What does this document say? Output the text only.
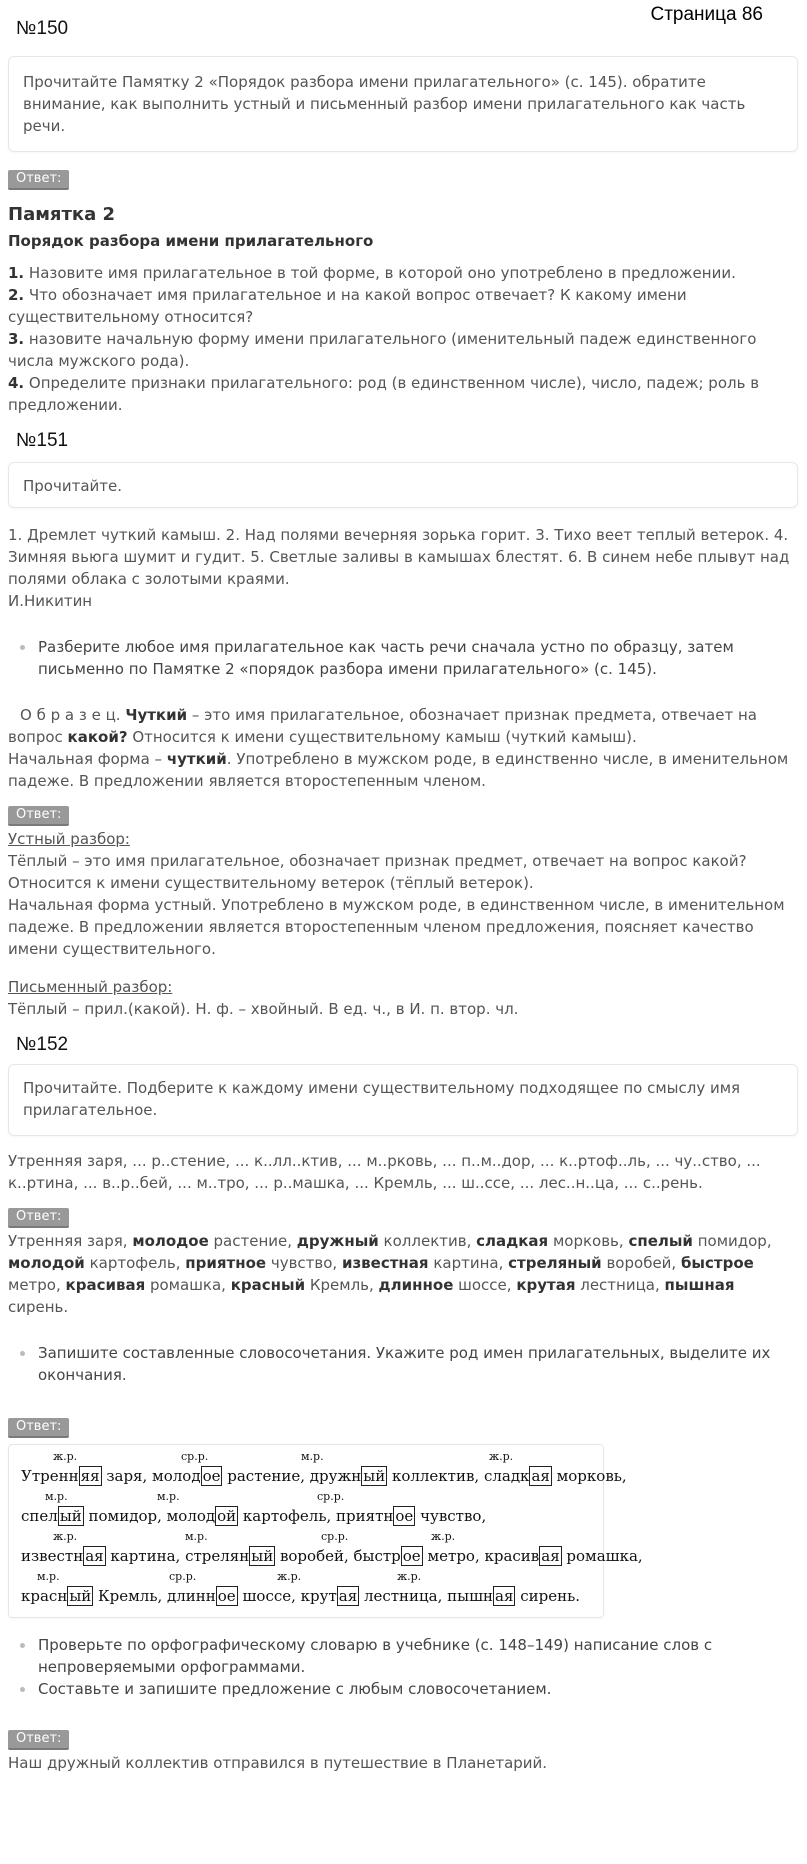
Страница 86
№150
Прочитайте Памятку 2 «Порядок разбора имени прилагательного» (с. 145). обратите внимание, как выполнить устный и письменный разбор имени прилагательного как часть речи.
Ответ:
Памятка 2
Порядок разбора имени прилагательного
1. Назовите имя прилагательное в той форме, в которой оно употреблено в предложении.
2. Что обозначает имя прилагательное и на какой вопрос отвечает? К какому имени существительному относится?
3. назовите начальную форму имени прилагательного (именительный падеж единственного числа мужского рода).
4. Определите признаки прилагательного: род (в единственном числе), число, падеж; роль в предложении.
№151
Прочитайте.
1. Дремлет чуткий камыш. 2. Над полями вечерняя зорька горит. 3. Тихо веет теплый ветерок. 4. Зимняя вьюга шумит и гудит. 5. Светлые заливы в камышах блестят. 6. В синем небе плывут над полями облака с золотыми краями.
И.Никитин
Разберите любое имя прилагательное как часть речи сначала устно по образцу, затем письменно по Памятке 2 «порядок разбора имени прилагательного» (с. 145).
О б р а з е ц. Чуткий – это имя прилагательное, обозначает признак предмета, отвечает на вопрос какой? Относится к имени существительному камыш (чуткий камыш).
Начальная форма – чуткий. Употреблено в мужском роде, в единственно числе, в именительном падеже. В предложении является второстепенным членом.
Ответ:
Устный разбор:
Тёплый – это имя прилагательное, обозначает признак предмет, отвечает на вопрос какой? Относится к имени существительному ветерок (тёплый ветерок).
Начальная форма устный. Употреблено в мужском роде, в единственном числе, в именительном падеже. В предложении является второстепенным членом предложения, поясняет качество имени существительного.
Письменный разбор:
Тёплый – прил.(какой). Н. ф. – хвойный. В ед. ч., в И. п. втор. чл.
№152
Прочитайте. Подберите к каждому имени существительному подходящее по смыслу имя прилагательное.
Утренняя заря, ... р..стение, ... к..лл..ктив, ... м..рковь, ... п..м..дор, ... к..ртоф..ль, ... чу..ство, ... к..ртина, ... в..р..бей, ... м..тро, ... р..машка, ... Кремль, ... ш..ссе, ... лес..н..ца, ... с..рень.
Ответ:
Утренняя заря, молодое растение, дружный коллектив, сладкая морковь, спелый помидор, молодой картофель, приятное чувство, известная картина, стреляный воробей, быстрое метро, красивая ромашка, красный Кремль, длинное шоссе, крутая лестница, пышная сирень.
Запишите составленные словосочетания. Укажите род имен прилагательных, выделите их окончания.
Ответ:
ж.р.	ср.р.	м.р.	ж.р.
Утренн яя заря, молод ое растение, дружн ый коллектив, сладк ая морковь,
м.р.	м.р.	ср.р.
спел ый помидор, молод ой картофель, приятн ое чувство,
ж.р.	м.р.	ср.р.	ж.р.
известн ая картина, стрелян ый воробей, быстр ое метро, красив ая ромашка,
м.р.	ср.р.	ж.р.	ж.р.
красн ый Кремль, длинн ое шоссе, крут ая лестница, пышн ая сирень.
Проверьте по орфографическому словарю в учебнике (с. 148–149) написание слов с непроверяемыми орфограммами.
Составьте и запишите предложение с любым словосочетанием.
Ответ:
Наш дружный коллектив отправился в путешествие в Планетарий.
